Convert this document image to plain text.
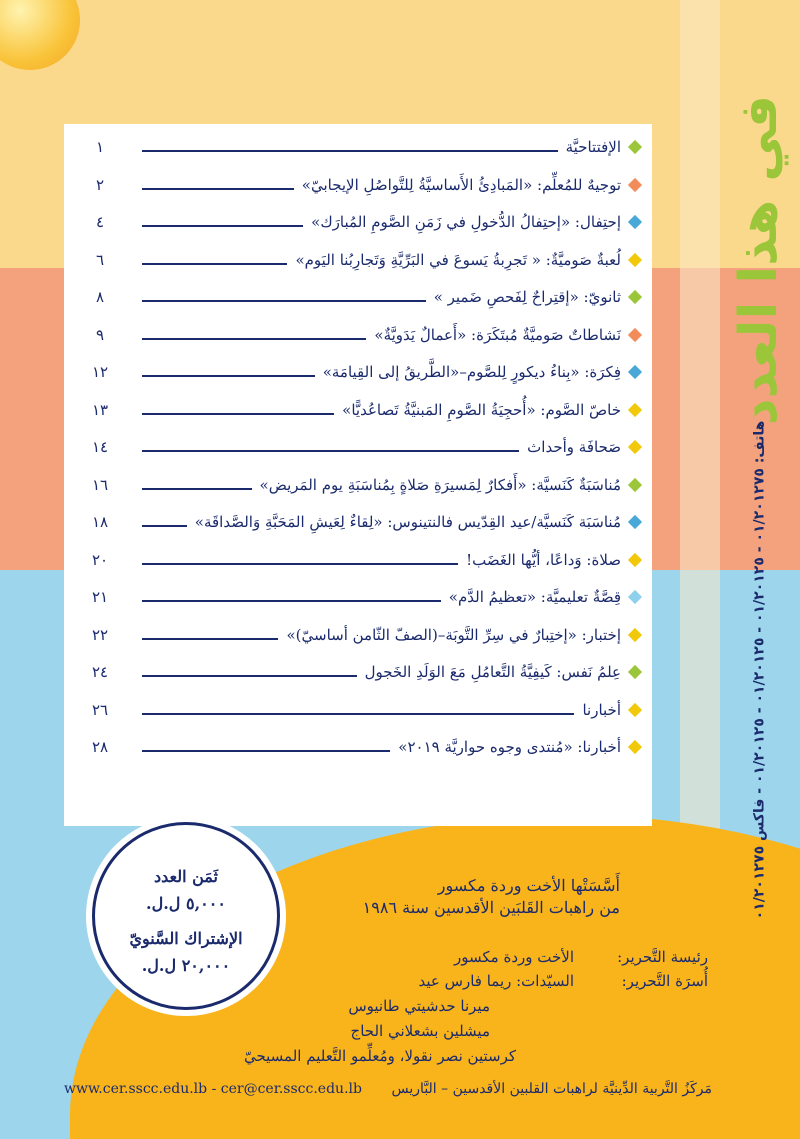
في هذا العدد
هاتف: ٠١/٢٠١٢٧٥ - ٠١/٢٠١٢٥ - ٠١/٢٠١٢٥ - ٠١/٢٠١٢٥ - فاكس ٠١/٢٠١٢٧٥
الإفتتاحيَّة
١
توجيهٌ للمُعلِّم: «المَبادِئُ الأَساسيَّةُ لِلتَّواصُلِ الإيجابيّ»
٢
إحتِفال: «إحتِفالُ الدُّخولِ في زَمَنِ الصَّومِ المُبارَك»
٤
لُعبةٌ صَوميَّةٌ: « تَجرِبةُ يَسوعَ في البَرِّيَّةِ وَتَجارِبُنا اليَوم»
٦
ثانويّ: «إقتِراحٌ لِفَحصِ ضَمير »
٨
نَشاطاتٌ صَوميَّةٌ مُبتَكَرَة: «أَعمالٌ يَدَويَّةٌ»
٩
فِكرَة: «بِناءُ ديكورٍ لِلصَّوم–«الطَّريقُ إلى القِيامَة»
١٢
خاصّ الصَّوم: «أُحجِيَةُ الصَّومِ المَبنيَّةُ تَصاعُديًّا»
١٣
صَحافَة وأحداث
١٤
مُناسَبَةٌ كَنَسيَّة: «أَفكارٌ لِمَسيرَةِ صَلاةٍ بِمُناسَبَةِ يوم المَريض»
١٦
مُناسَبَة كَنَسيَّة/عيد القِدّيس فالنتينوس: «لِقاءٌ لِعَيشِ المَحَبَّةِ وَالصَّداقَة»
١٨
صلاة: وَداعًا، أيُّها الغَضَب!
٢٠
قِصَّةٌ تعليميَّة: «تعظيمُ الدَّم»
٢١
إختبار: «إختِبارٌ في سِرِّ التَّوبَة–(الصفّ الثّامن أساسيّ)»
٢٢
عِلمُ نَفس: كَيفِيَّةُ التَّعامُلِ مَعَ الوَلَدِ الخَجول
٢٤
أخبارنا
٢٦
أخبارنا: «مُنتدى وجوه حواريَّة ٢٠١٩»
٢٨
ثَمَن العدد
٥,٠٠٠ ل.ل.
الإشتراك السَّنويّ
٢٠,٠٠٠ ل.ل.
أَسَّسَتْها الأخت وردة مكسور
من راهبات القَلبَين الأقدسين سنة ١٩٨٦
رئيسة التَّحرير:
الأخت وردة مكسور
أُسرَة التَّحرير:
السيّدات: ريما فارس عيد
ميرنا حدشيتي طانيوس
ميشلين بشعلاني الحاج
كرستين نصر نقولا، ومُعلِّمو التَّعليم المسيحيّ
www.cer.sscc.edu.lb - cer@cer.sscc.edu.lb مَركَزُ التَّربية الدِّينيَّة لراهبات القلبين الأقدسين – البَّاريس
